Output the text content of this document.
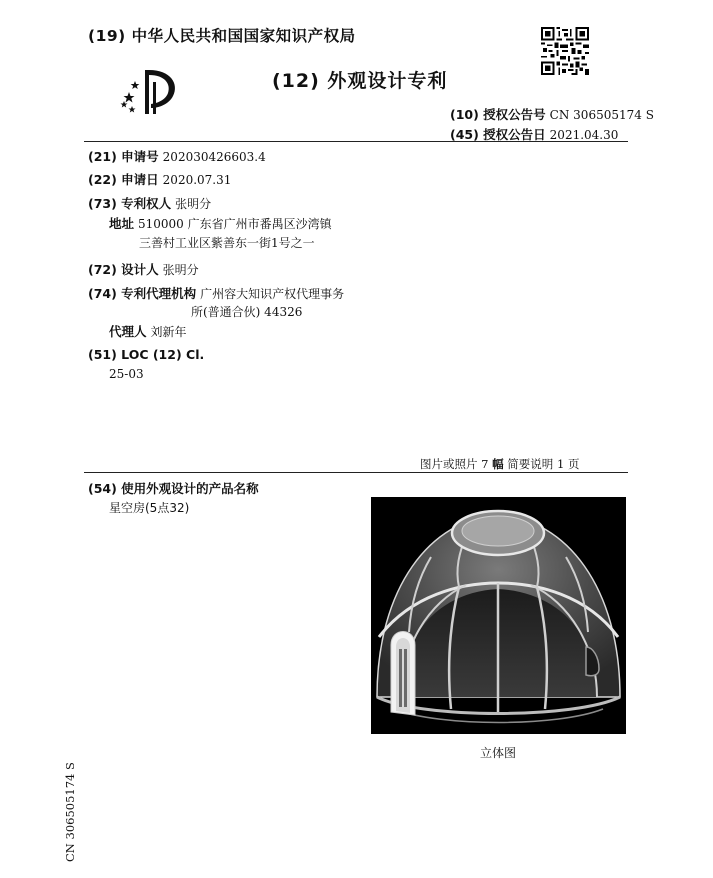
(19) 中华人民共和国国家知识产权局
(12) 外观设计专利
(10) 授权公告号 CN 306505174 S
(45) 授权公告日 2021.04.30
(21) 申请号 202030426603.4
(22) 申请日 2020.07.31
(73) 专利权人 张明分
地址 510000 广东省广州市番禺区沙湾镇
三善村工业区紫善东一街1号之一
(72) 设计人 张明分
(74) 专利代理机构 广州容大知识产权代理事务
所(普通合伙) 44326
代理人 刘新年
(51) LOC (12) Cl.
25-03
图片或照片 7 幅 简要说明 1 页
(54) 使用外观设计的产品名称
星空房(5点32)
立体图
CN 306505174 S
